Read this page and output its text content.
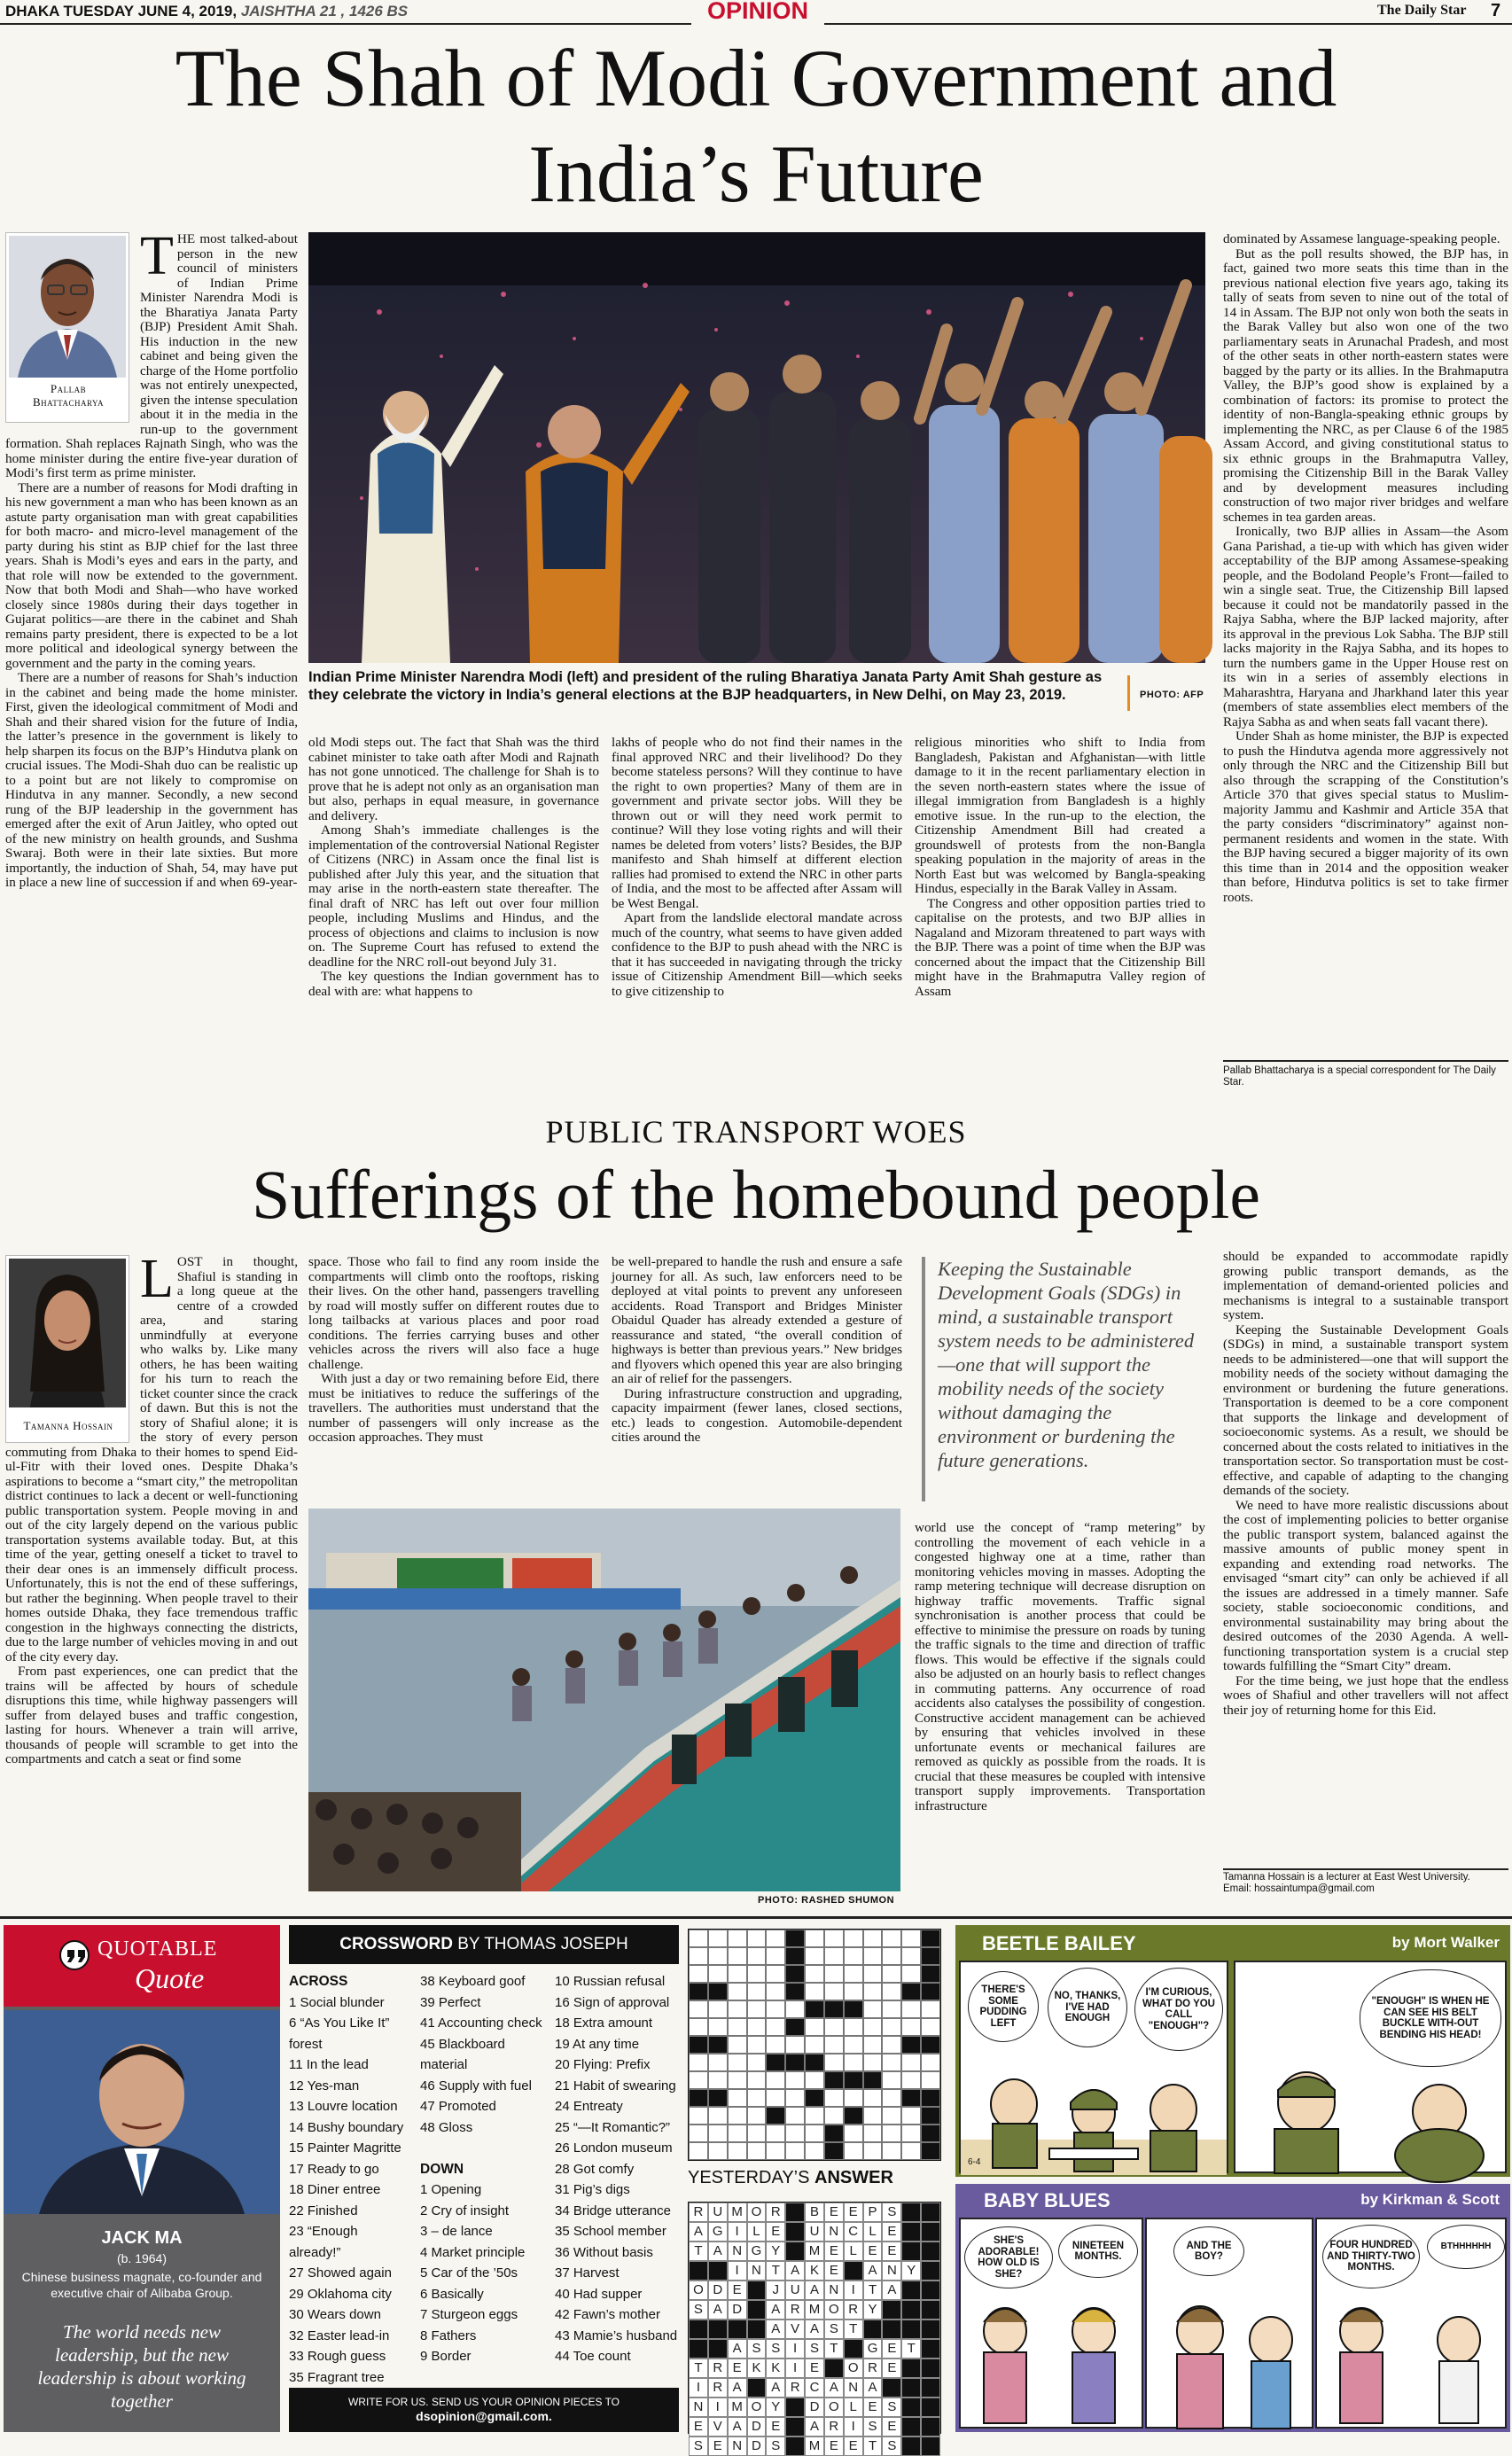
DHAKA TUESDAY JUNE 4, 2019, JAISHTHA 21 , 1426 BS	OPINION	The Daily Star 7
The Shah of Modi Government and
India’s Future
Pallab Bhattacharya
T HE most talked-about person in the new council of ministers of Indian Prime Minister Narendra Modi is the Bharatiya Janata Party (BJP) President Amit Shah. His induction in the new cabinet and being given the charge of the Home portfolio was not entirely unexpected, given the intense speculation about it in the media in the run-up to the government formation. Shah replaces Rajnath Singh, who was the home minister during the entire five-year duration of Modi’s first term as prime minister.

There are a number of reasons for Modi drafting in his new government a man who has been known as an astute party organisation man with great capabilities for both macro- and micro-level management of the party during his stint as BJP chief for the last three years. Shah is Modi’s eyes and ears in the party, and that role will now be extended to the government. Now that both Modi and Shah—who have worked closely since 1980s during their days together in Gujarat politics—are there in the cabinet and Shah remains party president, there is expected to be a lot more political and ideological synergy between the government and the party in the coming years.

There are a number of reasons for Shah’s induction in the cabinet and being made the home minister. First, given the ideological commitment of Modi and Shah and their shared vision for the future of India, the latter’s presence in the government is likely to help sharpen its focus on the BJP’s Hindutva plank on crucial issues. The Modi-Shah duo can be realistic up to a point but are not likely to compromise on Hindutva in any manner. Secondly, a new second rung of the BJP leadership in the government has emerged after the exit of Arun Jaitley, who opted out of the new ministry on health grounds, and Sushma Swaraj. Both were in their late sixties. But more importantly, the induction of Shah, 54, may have put in place a new line of succession if and when 69-year-

Indian Prime Minister Narendra Modi (left) and president of the ruling Bharatiya Janata Party Amit Shah gesture as they celebrate the victory in India’s general elections at the BJP headquarters, in New Delhi, on May 23, 2019.	PHOTO: AFP

old Modi steps out. The fact that Shah was the third cabinet minister to take oath after Modi and Rajnath has not gone unnoticed. The challenge for Shah is to prove that he is adept not only as an organisation man but also, perhaps in equal measure, in governance and delivery.

Among Shah’s immediate challenges is the implementation of the controversial National Register of Citizens (NRC) in Assam once the final list is published after July this year, and the situation that may arise in the north-eastern state thereafter. The final draft of NRC has left out over four million people, including Muslims and Hindus, and the process of objections and claims to inclusion is now on. The Supreme Court has refused to extend the deadline for the NRC roll-out beyond July 31.

The key questions the Indian government has to deal with are: what happens to

lakhs of people who do not find their names in the final approved NRC and their livelihood? Do they become stateless persons? Will they continue to have the right to own properties? Many of them are in government and private sector jobs. Will they be thrown out or will they need work permit to continue? Will they lose voting rights and will their names be deleted from voters’ lists? Besides, the BJP manifesto and Shah himself at different election rallies had promised to extend the NRC in other parts of India, and the most to be affected after Assam will be West Bengal.

Apart from the landslide electoral mandate across much of the country, what seems to have given added confidence to the BJP to push ahead with the NRC is that it has succeeded in navigating through the tricky issue of Citizenship Amendment Bill—which seeks to give citizenship to

religious minorities who shift to India from Bangladesh, Pakistan and Afghanistan—with little damage to it in the recent parliamentary election in the seven north-eastern states where the issue of illegal immigration from Bangladesh is a highly emotive issue. In the run-up to the election, the Citizenship Amendment Bill had created a groundswell of protests from the non-Bangla speaking population in the majority of areas in the North East but was welcomed by Bangla-speaking Hindus, especially in the Barak Valley in Assam.

The Congress and other opposition parties tried to capitalise on the protests, and two BJP allies in Nagaland and Mizoram threatened to part ways with the BJP. There was a point of time when the BJP was concerned about the impact that the Citizenship Bill might have in the Brahmaputra Valley region of Assam

dominated by Assamese language-speaking people.

But as the poll results showed, the BJP has, in fact, gained two more seats this time than in the previous national election five years ago, taking its tally of seats from seven to nine out of the total of 14 in Assam. The BJP not only won both the seats in the Barak Valley but also won one of the two parliamentary seats in Arunachal Pradesh, and most of the other seats in other north-eastern states were bagged by the party or its allies. In the Brahmaputra Valley, the BJP’s good show is explained by a combination of factors: its promise to protect the identity of non-Bangla-speaking ethnic groups by implementing the NRC, as per Clause 6 of the 1985 Assam Accord, and giving constitutional status to six ethnic groups in the Brahmaputra Valley, promising the Citizenship Bill in the Barak Valley and by development measures including construction of two major river bridges and welfare schemes in tea garden areas.

Ironically, two BJP allies in Assam—the Asom Gana Parishad, a tie-up with which has given wider acceptability of the BJP among Assamese-speaking people, and the Bodoland People’s Front—failed to win a single seat. True, the Citizenship Bill lapsed because it could not be mandatorily passed in the Rajya Sabha, where the BJP lacked majority, after its approval in the previous Lok Sabha. The BJP still lacks majority in the Rajya Sabha, and its hopes to turn the numbers game in the Upper House rest on its win in a series of assembly elections in Maharashtra, Haryana and Jharkhand later this year (members of state assemblies elect members of the Rajya Sabha as and when seats fall vacant there).

Under Shah as home minister, the BJP is expected to push the Hindutva agenda more aggressively not only through the NRC and the Citizenship Bill but also through the scrapping of the Constitution’s Article 370 that gives special status to Muslim-majority Jammu and Kashmir and Article 35A that the party considers “discriminatory” against non-permanent residents and women in the state. With the BJP having secured a bigger majority of its own this time than in 2014 and the opposition weaker than before, Hindutva politics is set to take firmer roots.

Pallab Bhattacharya is a special correspondent for The Daily Star.
PUBLIC TRANSPORT WOES
Sufferings of the homebound people
Tamanna Hossain
L OST in thought, Shafiul is standing in a long queue at the centre of a crowded area, and staring unmindfully at everyone who walks by. Like many others, he has been waiting for his turn to reach the ticket counter since the crack of dawn. But this is not the story of Shafiul alone; it is the story of every person commuting from Dhaka to their homes to spend Eid-ul-Fitr with their loved ones. Despite Dhaka’s aspirations to become a “smart city,” the metropolitan district continues to lack a decent or well-functioning public transportation system. People moving in and out of the city largely depend on the various public transportation systems available today. But, at this time of the year, getting oneself a ticket to travel to their dear ones is an immensely difficult process. Unfortunately, this is not the end of these sufferings, but rather the beginning. When people travel to their homes outside Dhaka, they face tremendous traffic congestion in the highways connecting the districts, due to the large number of vehicles moving in and out of the city every day.

From past experiences, one can predict that the trains will be affected by hours of schedule disruptions this time, while highway passengers will suffer from delayed buses and traffic congestion, lasting for hours. Whenever a train will arrive, thousands of people will scramble to get into the compartments and catch a seat or find some

space. Those who fail to find any room inside the compartments will climb onto the rooftops, risking their lives. On the other hand, passengers travelling by road will mostly suffer on different routes due to long tailbacks at various places and poor road conditions. The ferries carrying buses and other vehicles across the rivers will also face a huge challenge.

With just a day or two remaining before Eid, there must be initiatives to reduce the sufferings of the travellers. The authorities must understand that the number of passengers will only increase as the occasion approaches. They must

be well-prepared to handle the rush and ensure a safe journey for all. As such, law enforcers need to be deployed at vital points to prevent any unforeseen accidents. Road Transport and Bridges Minister Obaidul Quader has already extended a gesture of reassurance and stated, “the overall condition of highways is better than previous years.” New bridges and flyovers which opened this year are also bringing an air of relief for the passengers.

During infrastructure construction and upgrading, capacity impairment (fewer lanes, closed sections, etc.) leads to congestion. Automobile-dependent cities around the

Keeping the Sustainable Development Goals (SDGs) in mind, a sustainable transport system needs to be administered—one that will support the mobility needs of the society without damaging the environment or burdening the future generations.
PHOTO: RASHED SHUMON

world use the concept of “ramp metering” by controlling the movement of each vehicle in a congested highway one at a time, rather than monitoring vehicles moving in masses. Adopting the ramp metering technique will decrease disruption on highway traffic movements. Traffic signal synchronisation is another process that could be effective to minimise the pressure on roads by tuning the traffic signals to the time and direction of traffic flows. This would be effective if the signals could also be adjusted on an hourly basis to reflect changes in commuting patterns. Any occurrence of road accidents also catalyses the possibility of congestion. Constructive accident management can be achieved by ensuring that vehicles involved in these unfortunate events or mechanical failures are removed as quickly as possible from the roads. It is crucial that these measures be coupled with intensive transport supply improvements. Transportation infrastructure

should be expanded to accommodate rapidly growing public transport demands, as the implementation of demand-oriented policies and mechanisms is integral to a sustainable transport system.

Keeping the Sustainable Development Goals (SDGs) in mind, a sustainable transport system needs to be administered—one that will support the mobility needs of the society without damaging the environment or burdening the future generations. Transportation is deemed to be a core component that supports the linkage and development of socioeconomic systems. As a result, we should be concerned about the costs related to initiatives in the transportation sector. So transportation must be cost-effective, and capable of adapting to the changing demands of the society.

We need to have more realistic discussions about the cost of implementing policies to better organise the public transport system, balanced against the massive amounts of public money spent in expanding and extending road networks. The envisaged “smart city” can only be achieved if all the issues are addressed in a timely manner. Safe society, stable socioeconomic conditions, and environmental sustainability may bring about the desired outcomes of the 2030 Agenda. A well-functioning transportation system is a crucial step towards fulfilling the “Smart City” dream.

For the time being, we just hope that the endless woes of Shafiul and other travellers will not affect their joy of returning home for this Eid.

Tamanna Hossain is a lecturer at East West University.
Email: hossaintumpa@gmail.com
QUOTABLE
Quote
JACK MA
(b. 1964)
Chinese business magnate, co-founder and executive chair of Alibaba Group.
The world needs new leadership, but the new leadership is about working together
CROSSWORD BY THOMAS JOSEPH
ACROSS
1 Social blunder
6 “As You Like It”
forest
11 In the lead
12 Yes-man
13 Louvre location
14 Bushy boundary
15 Painter Magritte
17 Ready to go
18 Diner entree
22 Finished
23 “Enough already!”
27 Showed again
29 Oklahoma city
30 Wears down
32 Easter lead-in
33 Rough guess
35 Fragrant tree
38 Keyboard goof
39 Perfect
41 Accounting check
45 Blackboard
material
46 Supply with fuel
47 Promoted
48 Gloss
DOWN
1 Opening
2 Cry of insight
3 – de lance
4 Market principle
5 Car of the ’50s
6 Basically
7 Sturgeon eggs
8 Fathers
9 Border
10 Russian refusal
16 Sign of approval
18 Extra amount
19 At any time
20 Flying: Prefix
21 Habit of swearing
24 Entreaty
25 “—It Romantic?”
26 London museum
28 Got comfy
31 Pig’s digs
34 Bridge utterance
35 School member
36 Without basis
37 Harvest
40 Had supper
42 Fawn’s mother
43 Mamie’s husband
44 Toe count
WRITE FOR US. SEND US YOUR OPINION PIECES TO
dsopinion@gmail.com.
6-3
YESTERDAY’S ANSWER
R U M O R	B E E P S
A G I	L E	U N C L E
T A N G Y	M E L E E
I N T A K E	A N Y
O D E	J U A N I	T A
S A D	A R M O R Y
A V A S T
A S S I S T	G E T
T R E K K I E	O R E
I R A	A R C A N A
N I M O Y	D O L E S
E V A D E	A R I S E
S E N D S	M E E T S
BEETLE BAILEY	by Mort Walker
THERE'S SOME PUDDING LEFT
NO, THANKS, I'VE HAD ENOUGH
I'M CURIOUS, WHAT DO YOU CALL "ENOUGH"?
6-4
"ENOUGH" IS WHEN HE CAN SEE HIS BELT BUCKLE WITH-OUT BENDING HIS HEAD!
BABY BLUES	by Kirkman & Scott
SHE'S ADORABLE! HOW OLD IS SHE?
NINETEEN MONTHS.
AND THE BOY?
FOUR HUNDRED AND THIRTY-TWO MONTHS.
BTHHHHHH
